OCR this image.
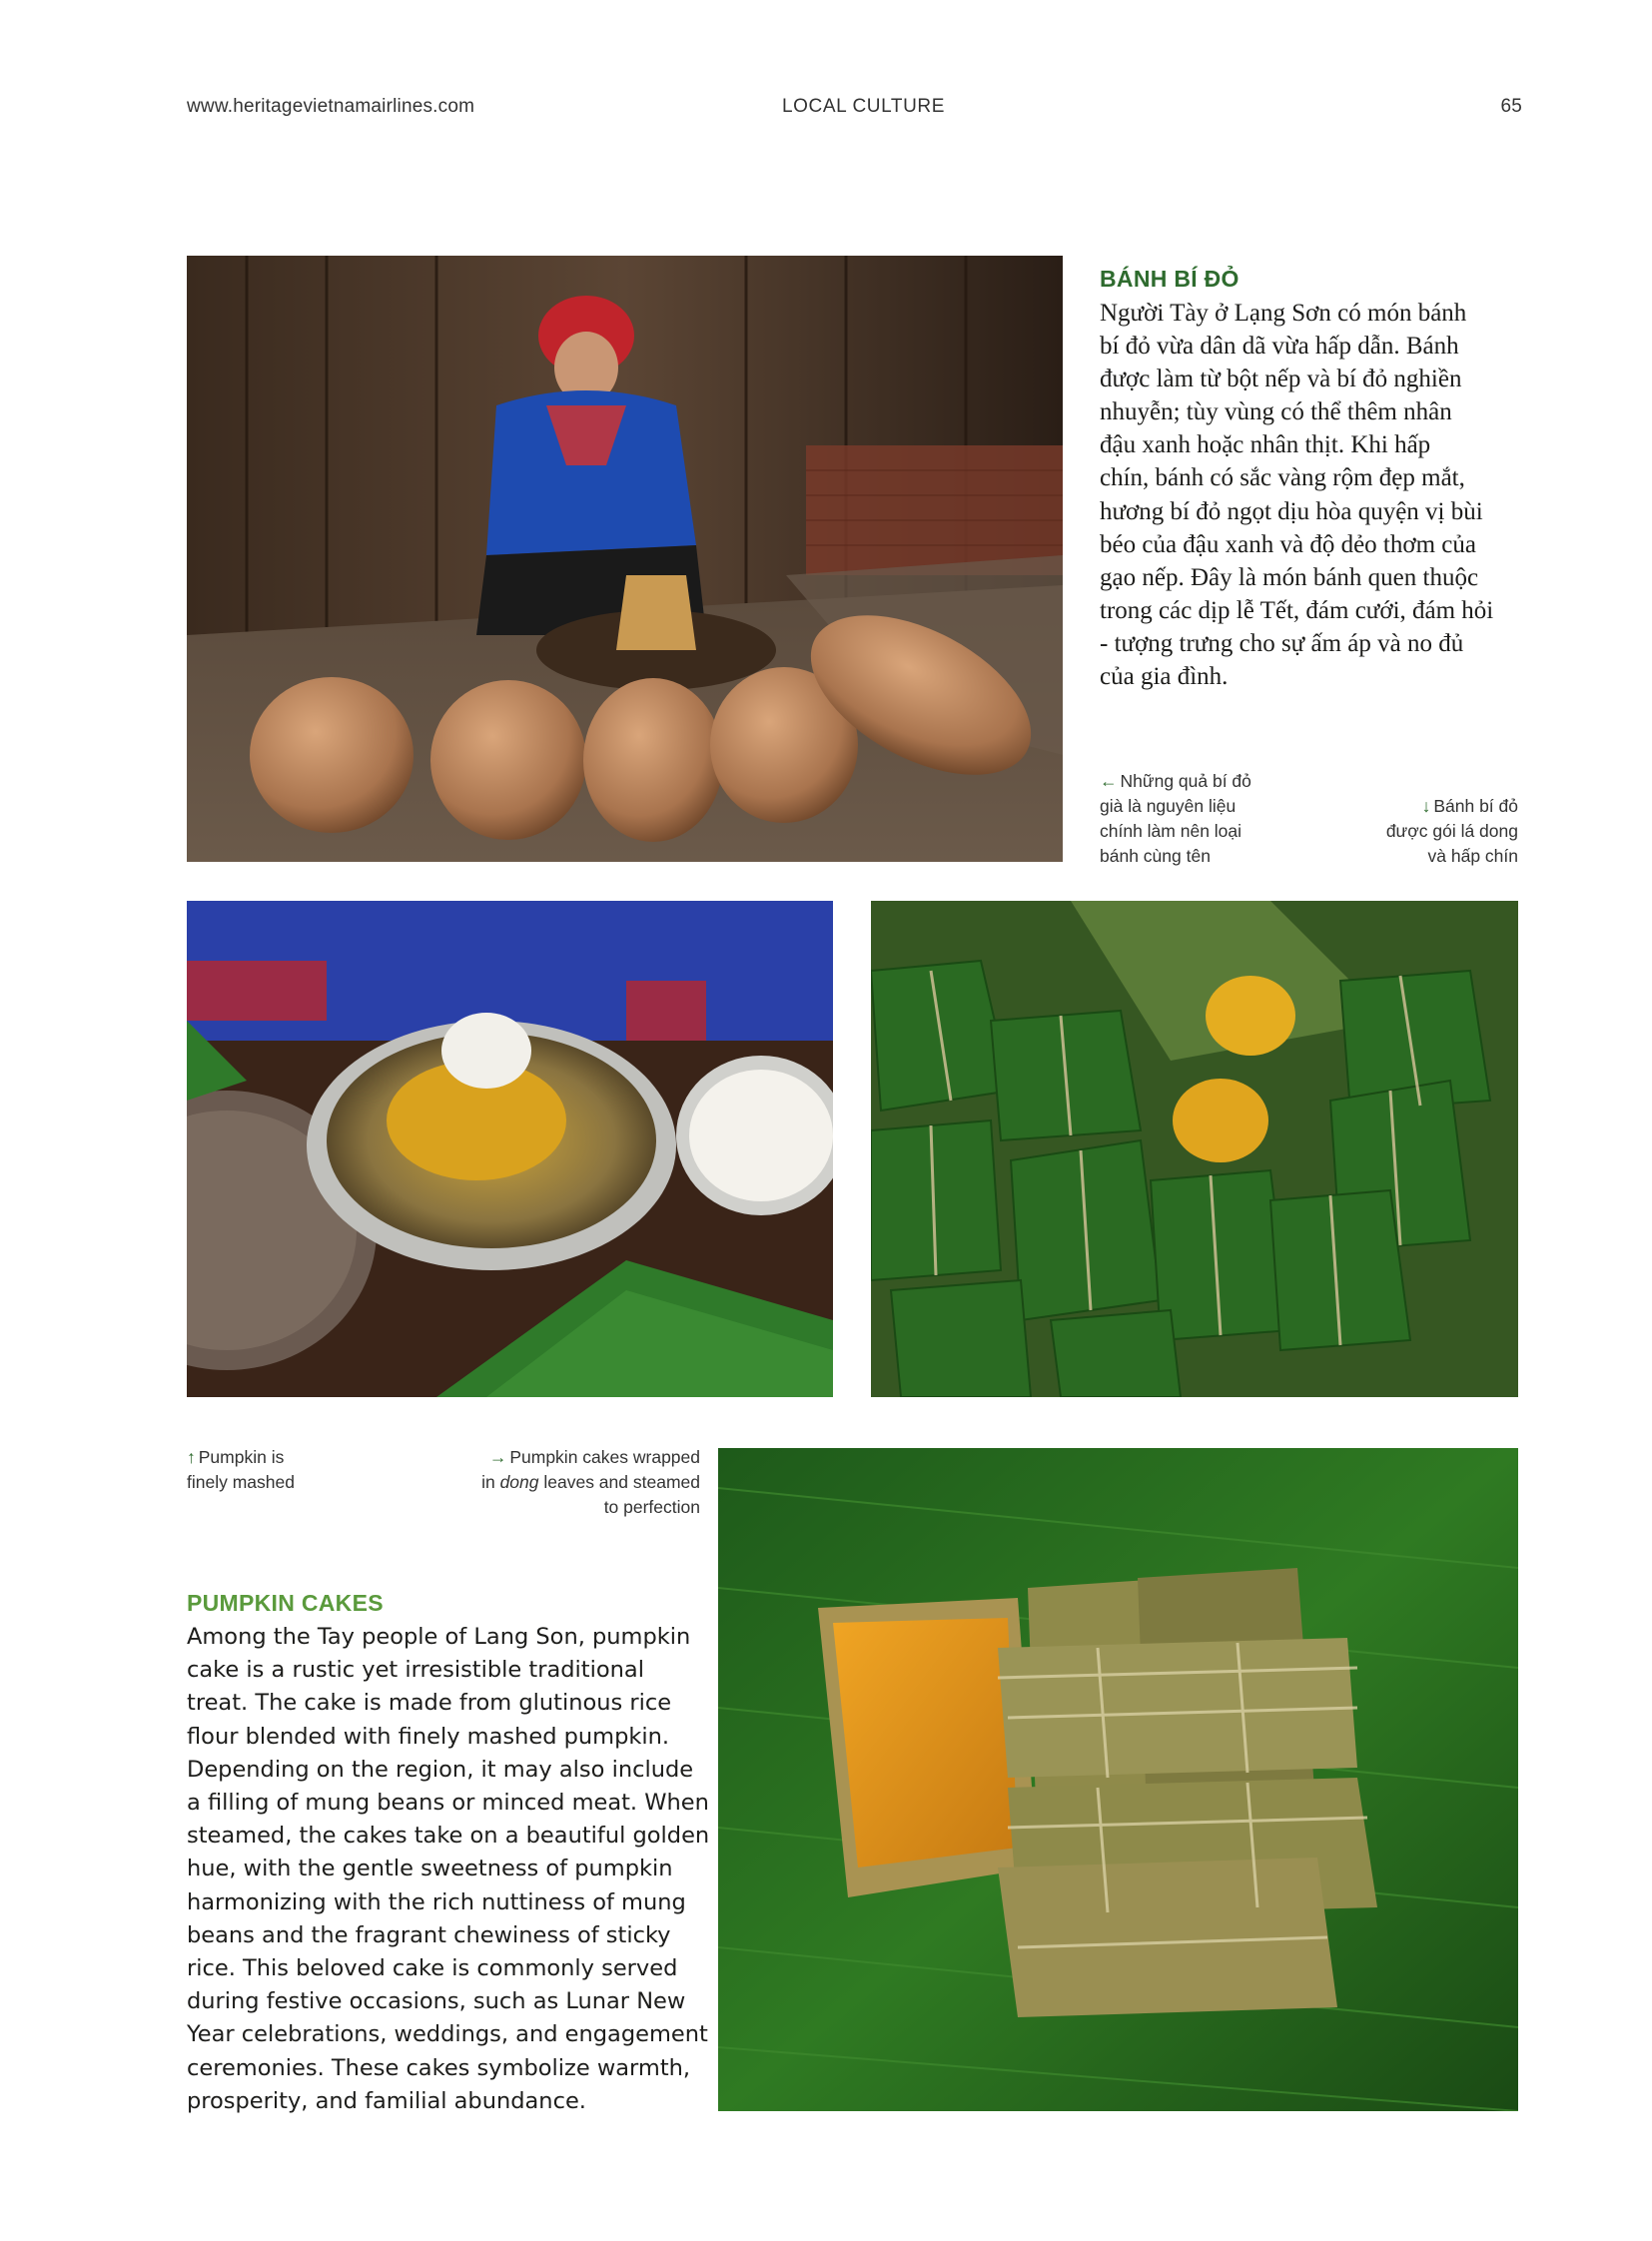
www.heritagevietnamairlines.com	LOCAL CULTURE	65
BÁNH BÍ ĐỎ
Người Tày ở Lạng Sơn có món bánh
bí đỏ vừa dân dã vừa hấp dẫn. Bánh
được làm từ bột nếp và bí đỏ nghiền
nhuyễn; tùy vùng có thể thêm nhân
đậu xanh hoặc nhân thịt. Khi hấp
chín, bánh có sắc vàng rộm đẹp mắt,
hương bí đỏ ngọt dịu hòa quyện vị bùi
béo của đậu xanh và độ dẻo thơm của
gạo nếp. Đây là món bánh quen thuộc
trong các dịp lễ Tết, đám cưới, đám hỏi
- tượng trưng cho sự ấm áp và no đủ
của gia đình.
← Những quả bí đỏ
già là nguyên liệu
chính làm nên loại
bánh cùng tên
↓ Bánh bí đỏ
được gói lá dong
và hấp chín
↑ Pumpkin is
finely mashed
→ Pumpkin cakes wrapped
in dong leaves and steamed
to perfection
PUMPKIN CAKES
Among the Tay people of Lang Son, pumpkin
cake is a rustic yet irresistible traditional
treat. The cake is made from glutinous rice
flour blended with finely mashed pumpkin.
Depending on the region, it may also include
a filling of mung beans or minced meat. When
steamed, the cakes take on a beautiful golden
hue, with the gentle sweetness of pumpkin
harmonizing with the rich nuttiness of mung
beans and the fragrant chewiness of sticky
rice. This beloved cake is commonly served
during festive occasions, such as Lunar New
Year celebrations, weddings, and engagement
ceremonies. These cakes symbolize warmth,
prosperity, and familial abundance.
